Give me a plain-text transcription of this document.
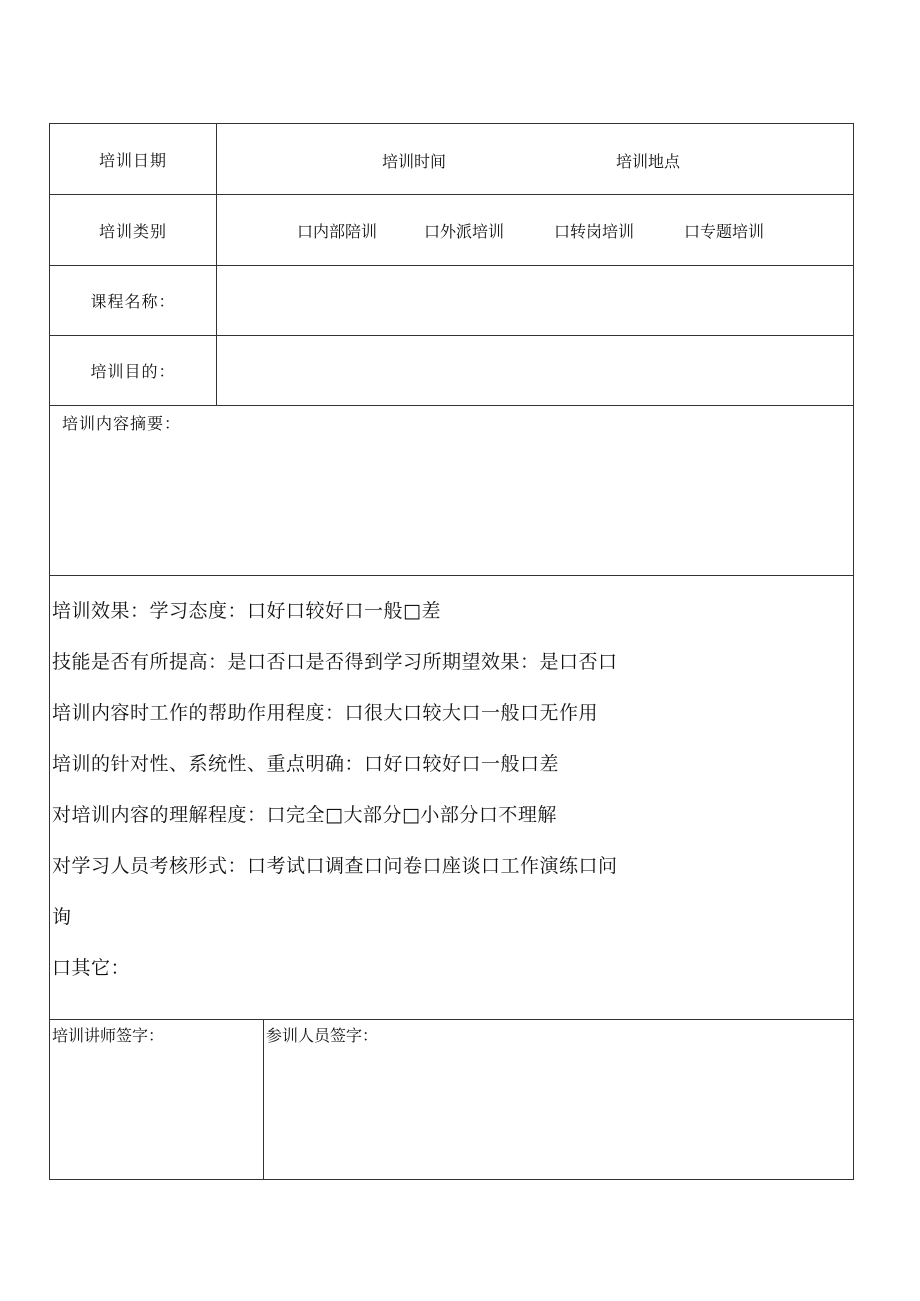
培训日期	培训时间	培训地点
培训类别	口内部陪训	口外派培训	口转岗培训	口专题培训
课程名称：
培训目的：
培训内容摘要：
培训效果：学习态度：口好口较好口一般□差
技能是否有所提高：是口否口是否得到学习所期望效果：是口否口
培训内容时工作的帮助作用程度：口很大口较大口一般口无作用
培训的针对性、系统性、重点明确：口好口较好口一般口差
对培训内容的理解程度：口完全□大部分□小部分口不理解
对学习人员考核形式：口考试口调查口问卷口座谈口工作演练口问
询
口其它：
培训讲师签字：	参训人员签字：
